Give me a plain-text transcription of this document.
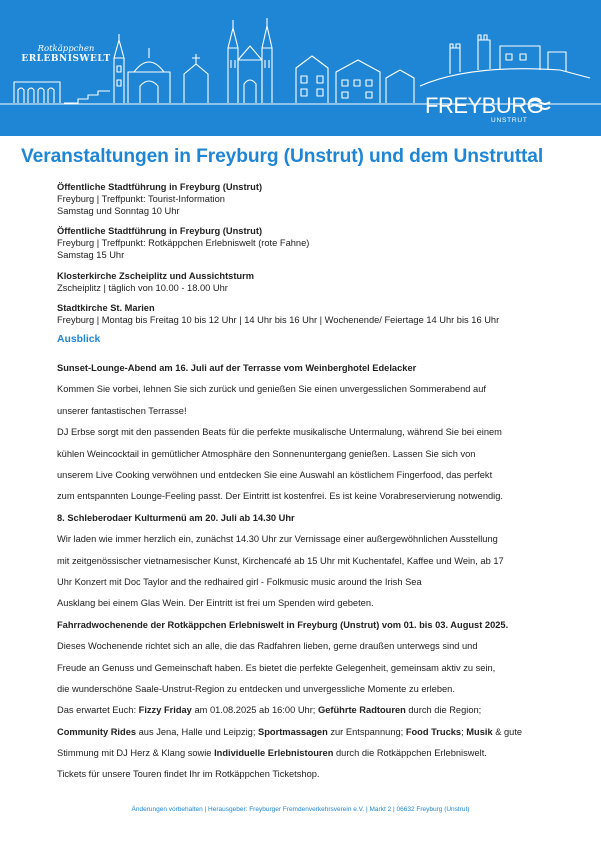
Rotkäppchen
ERLEBNISWELT
FREYBURG
UNSTRUT
Veranstaltungen in Freyburg (Unstrut) und dem Unstruttal
Öffentliche Stadtführung in Freyburg (Unstrut)

Freyburg | Treffpunkt: Tourist-Information

Samstag und Sonntag 10 Uhr

Öffentliche Stadtführung in Freyburg (Unstrut)

Freyburg | Treffpunkt: Rotkäppchen Erlebniswelt (rote Fahne)

Samstag 15 Uhr

Klosterkirche Zscheiplitz und Aussichtsturm

Zscheiplitz | täglich von 10.00 - 18.00 Uhr

Stadtkirche St. Marien

Freyburg | Montag bis Freitag 10 bis 12 Uhr | 14 Uhr bis 16 Uhr | Wochenende/ Feiertage 14 Uhr bis 16 Uhr

Ausblick
Sunset-Lounge-Abend am 16. Juli auf der Terrasse vom Weinberghotel Edelacker

Kommen Sie vorbei, lehnen Sie sich zurück und genießen Sie einen unvergesslichen Sommerabend auf

unserer fantastischen Terrasse!

DJ Erbse sorgt mit den passenden Beats für die perfekte musikalische Untermalung, während Sie bei einem

kühlen Weincocktail in gemütlicher Atmosphäre den Sonnenuntergang genießen. Lassen Sie sich von

unserem Live Cooking verwöhnen und entdecken Sie eine Auswahl an köstlichem Fingerfood, das perfekt

zum entspannten Lounge-Feeling passt. Der Eintritt ist kostenfrei. Es ist keine Vorabreservierung notwendig.

8. Schleberodaer Kulturmenü am 20. Juli ab 14.30 Uhr

Wir laden wie immer herzlich ein, zunächst 14.30 Uhr zur Vernissage einer außergewöhnlichen Ausstellung

mit zeitgenössischer vietnamesischer Kunst, Kirchencafé ab 15 Uhr mit Kuchentafel, Kaffee und Wein, ab 17

Uhr Konzert mit Doc Taylor and the redhaired girl - Folkmusic music around the Irish Sea

Ausklang bei einem Glas Wein. Der Eintritt ist frei um Spenden wird gebeten.

Fahrradwochenende der Rotkäppchen Erlebniswelt in Freyburg (Unstrut) vom 01. bis 03. August 2025.

Dieses Wochenende richtet sich an alle, die das Radfahren lieben, gerne draußen unterwegs sind und

Freude an Genuss und Gemeinschaft haben. Es bietet die perfekte Gelegenheit, gemeinsam aktiv zu sein,

die wunderschöne Saale-Unstrut-Region zu entdecken und unvergessliche Momente zu erleben.

Das erwartet Euch: Fizzy Friday am 01.08.2025 ab 16:00 Uhr; Geführte Radtouren durch die Region;

Community Rides aus Jena, Halle und Leipzig; Sportmassagen zur Entspannung; Food Trucks; Musik & gute

Stimmung mit DJ Herz & Klang sowie Individuelle Erlebnistouren durch die Rotkäppchen Erlebniswelt.

Tickets für unsere Touren findet Ihr im Rotkäppchen Ticketshop.

Änderungen vorbehalten | Herausgeber: Freyburger Fremdenverkehrsverein e.V. | Markt 2 | 06632 Freyburg (Unstrut)
